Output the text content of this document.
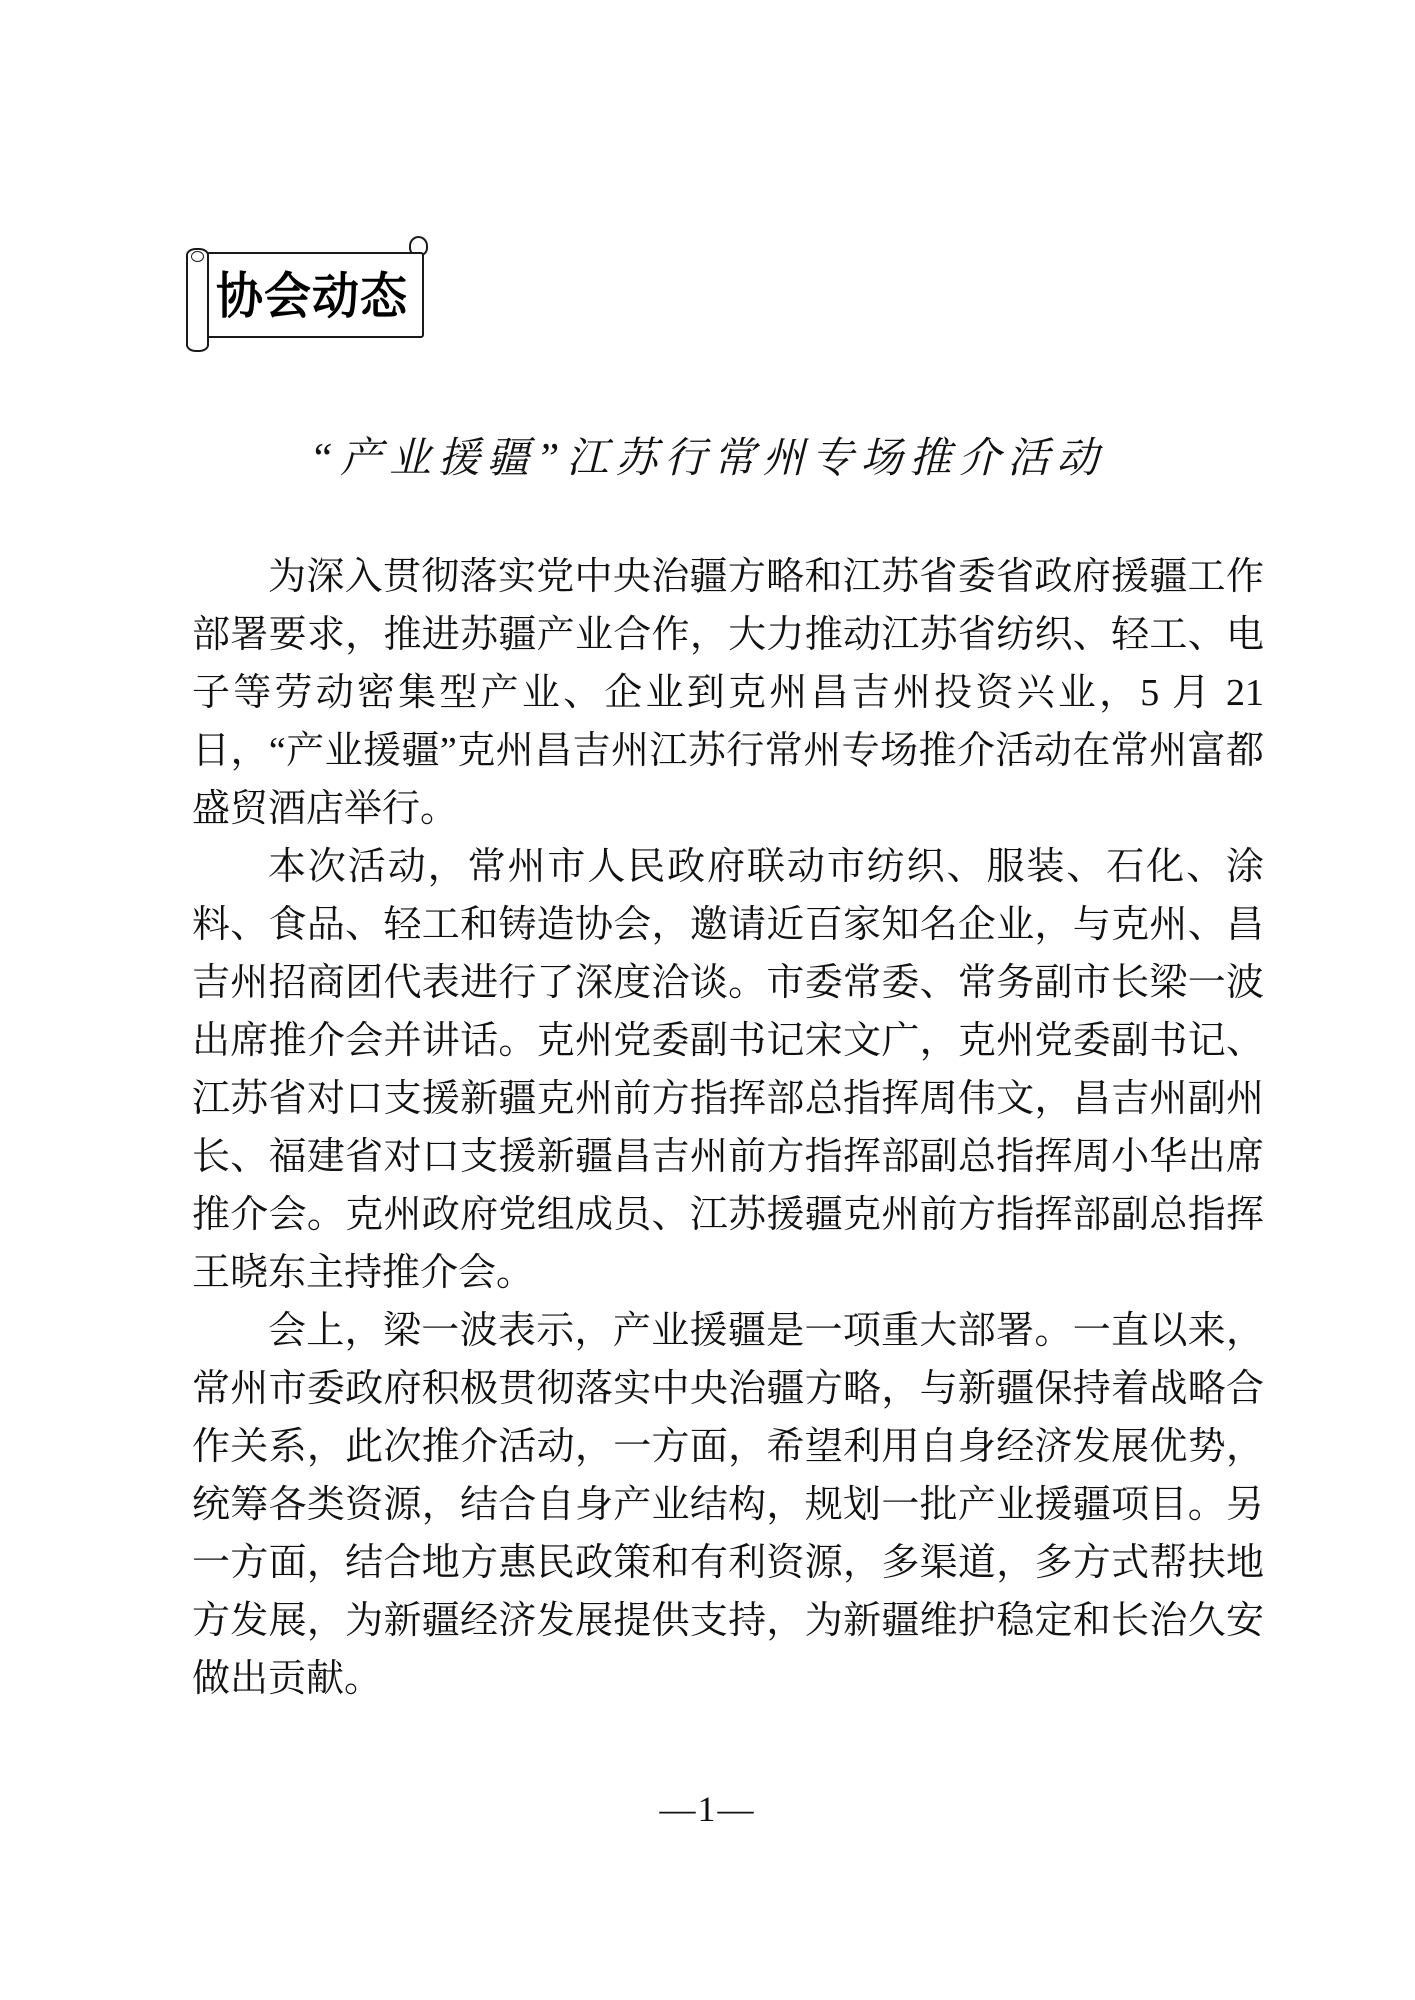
协会动态
“产业援疆”江苏行常州专场推介活动

为深入贯彻落实党中央治疆方略和江苏省委省政府援疆工作部署要求，推进苏疆产业合作，大力推动江苏省纺织、轻工、电子等劳动密集型产业、企业到克州昌吉州投资兴业，5 月 21 日，“产业援疆”克州昌吉州江苏行常州专场推介活动在常州富都盛贸酒店举行。

本次活动，常州市人民政府联动市纺织、服装、石化、涂料、食品、轻工和铸造协会，邀请近百家知名企业，与克州、昌吉州招商团代表进行了深度洽谈。市委常委、常务副市长梁一波出席推介会并讲话。克州党委副书记宋文广，克州党委副书记、江苏省对口支援新疆克州前方指挥部总指挥周伟文，昌吉州副州长、福建省对口支援新疆昌吉州前方指挥部副总指挥周小华出席推介会。克州政府党组成员、江苏援疆克州前方指挥部副总指挥王晓东主持推介会。

会上，梁一波表示，产业援疆是一项重大部署。一直以来，常州市委政府积极贯彻落实中央治疆方略，与新疆保持着战略合作关系，此次推介活动，一方面，希望利用自身经济发展优势，统筹各类资源，结合自身产业结构，规划一批产业援疆项目。另一方面，结合地方惠民政策和有利资源，多渠道，多方式帮扶地方发展，为新疆经济发展提供支持，为新疆维护稳定和长治久安做出贡献。

—1—
